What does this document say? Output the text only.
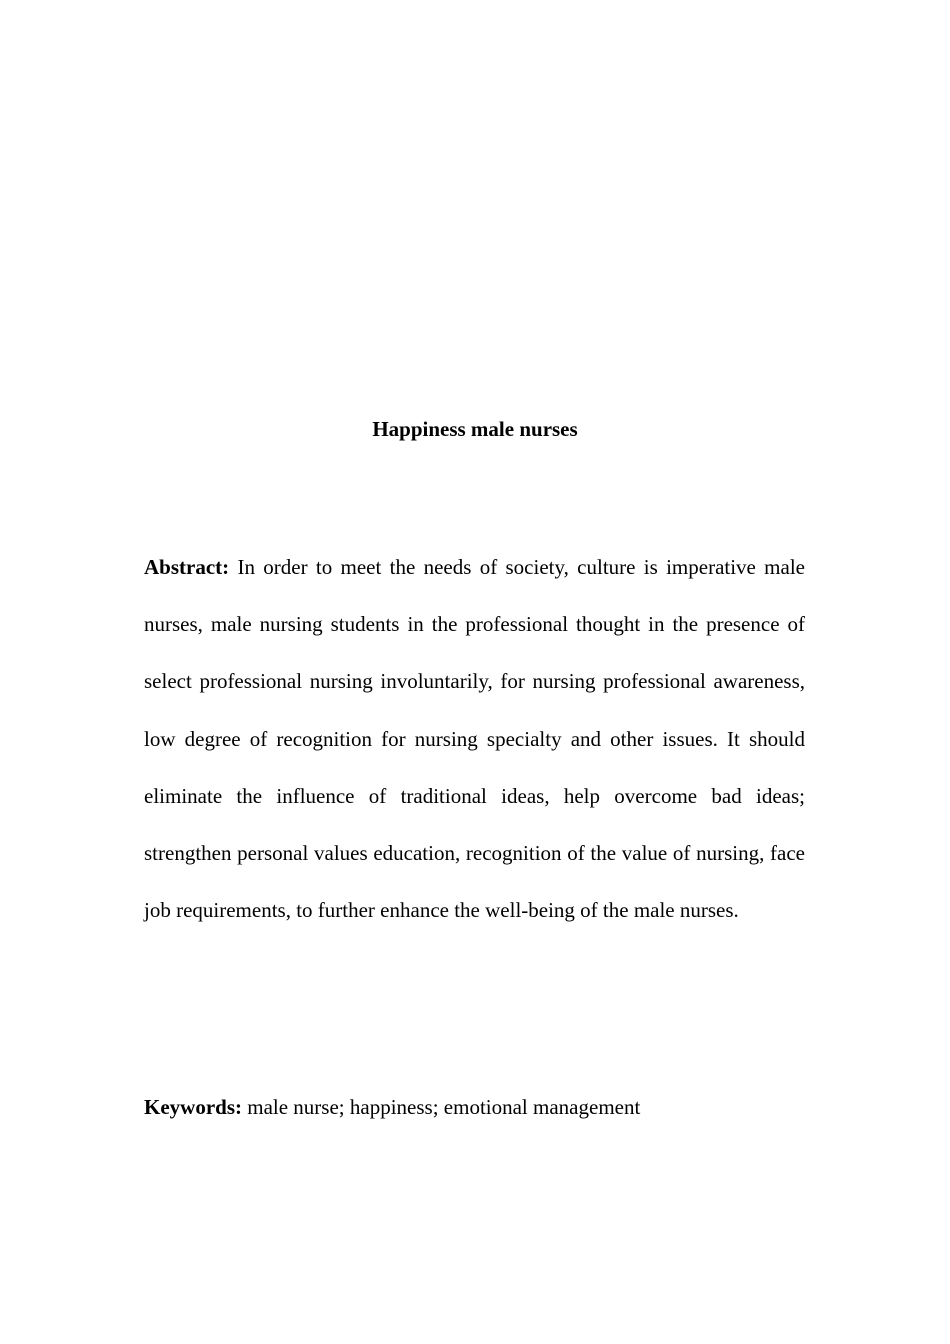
Happiness male nurses

Abstract: In order to meet the needs of society, culture is imperative male nurses, male nursing students in the professional thought in the presence of select professional nursing involuntarily, for nursing professional awareness, low degree of recognition for nursing specialty and other issues. It should eliminate the influence of traditional ideas, help overcome bad ideas; strengthen personal values education, recognition of the value of nursing, face job requirements, to further enhance the well-being of the male nurses.

Keywords: male nurse; happiness; emotional management
